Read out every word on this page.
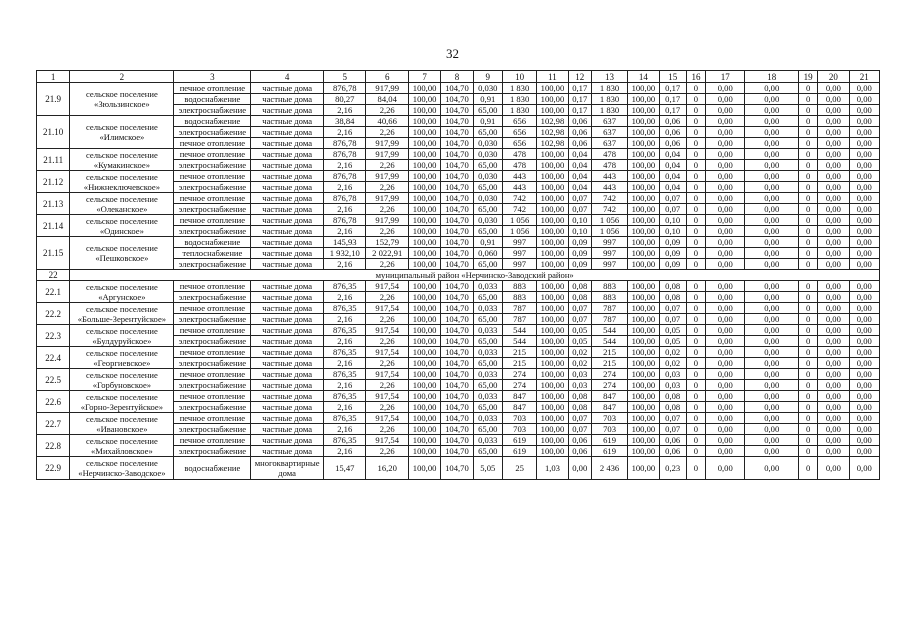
32
1	2	3	4	5	6	7	8	9	10	11	12	13	14	15	16	17	18	19	20	21
21.9	сельское поселение «Зюльзинское»	печное отопление	частные дома	876,78	917,99	100,00	104,70	0,030	1 830	100,00	0,17	1 830	100,00	0,17	0	0,00	0,00	0	0,00	0,00
		водоснабжение	частные дома	80,27	84,04	100,00	104,70	0,91	1 830	100,00	0,17	1 830	100,00	0,17	0	0,00	0,00	0	0,00	0,00
		электроснабжение	частные дома	2,16	2,26	100,00	104,70	65,00	1 830	100,00	0,17	1 830	100,00	0,17	0	0,00	0,00	0	0,00	0,00
21.10	сельское поселение «Илимское»	водоснабжение	частные дома	38,84	40,66	100,00	104,70	0,91	656	102,98	0,06	637	100,00	0,06	0	0,00	0,00	0	0,00	0,00
		электроснабжение	частные дома	2,16	2,26	100,00	104,70	65,00	656	102,98	0,06	637	100,00	0,06	0	0,00	0,00	0	0,00	0,00
		печное отопление	частные дома	876,78	917,99	100,00	104,70	0,030	656	102,98	0,06	637	100,00	0,06	0	0,00	0,00	0	0,00	0,00
21.11	сельское поселение «Кумакинское»	печное отопление	частные дома	876,78	917,99	100,00	104,70	0,030	478	100,00	0,04	478	100,00	0,04	0	0,00	0,00	0	0,00	0,00
		электроснабжение	частные дома	2,16	2,26	100,00	104,70	65,00	478	100,00	0,04	478	100,00	0,04	0	0,00	0,00	0	0,00	0,00
21.12	сельское поселение «Нижнеключевское»	печное отопление	частные дома	876,78	917,99	100,00	104,70	0,030	443	100,00	0,04	443	100,00	0,04	0	0,00	0,00	0	0,00	0,00
		электроснабжение	частные дома	2,16	2,26	100,00	104,70	65,00	443	100,00	0,04	443	100,00	0,04	0	0,00	0,00	0	0,00	0,00
21.13	сельское поселение «Олеканское»	печное отопление	частные дома	876,78	917,99	100,00	104,70	0,030	742	100,00	0,07	742	100,00	0,07	0	0,00	0,00	0	0,00	0,00
		электроснабжение	частные дома	2,16	2,26	100,00	104,70	65,00	742	100,00	0,07	742	100,00	0,07	0	0,00	0,00	0	0,00	0,00
21.14	сельское поселение «Одинское»	печное отопление	частные дома	876,78	917,99	100,00	104,70	0,030	1 056	100,00	0,10	1 056	100,00	0,10	0	0,00	0,00	0	0,00	0,00
		электроснабжение	частные дома	2,16	2,26	100,00	104,70	65,00	1 056	100,00	0,10	1 056	100,00	0,10	0	0,00	0,00	0	0,00	0,00
21.15	сельское поселение «Пешковское»	водоснабжение	частные дома	145,93	152,79	100,00	104,70	0,91	997	100,00	0,09	997	100,00	0,09	0	0,00	0,00	0	0,00	0,00
		теплоснабжение	частные дома	1 932,10	2 022,91	100,00	104,70	0,060	997	100,00	0,09	997	100,00	0,09	0	0,00	0,00	0	0,00	0,00
		электроснабжение	частные дома	2,16	2,26	100,00	104,70	65,00	997	100,00	0,09	997	100,00	0,09	0	0,00	0,00	0	0,00	0,00
22	муниципальный район «Нерчинско-Заводский район»																			
22.1	сельское поселение «Аргунское»	печное отопление	частные дома	876,35	917,54	100,00	104,70	0,033	883	100,00	0,08	883	100,00	0,08	0	0,00	0,00	0	0,00	0,00
		электроснабжение	частные дома	2,16	2,26	100,00	104,70	65,00	883	100,00	0,08	883	100,00	0,08	0	0,00	0,00	0	0,00	0,00
22.2	сельское поселение «Больше-Зерентуйское»	печное отопление	частные дома	876,35	917,54	100,00	104,70	0,033	787	100,00	0,07	787	100,00	0,07	0	0,00	0,00	0	0,00	0,00
		электроснабжение	частные дома	2,16	2,26	100,00	104,70	65,00	787	100,00	0,07	787	100,00	0,07	0	0,00	0,00	0	0,00	0,00
22.3	сельское поселение «Булдуруйское»	печное отопление	частные дома	876,35	917,54	100,00	104,70	0,033	544	100,00	0,05	544	100,00	0,05	0	0,00	0,00	0	0,00	0,00
		электроснабжение	частные дома	2,16	2,26	100,00	104,70	65,00	544	100,00	0,05	544	100,00	0,05	0	0,00	0,00	0	0,00	0,00
22.4	сельское поселение «Георгиевское»	печное отопление	частные дома	876,35	917,54	100,00	104,70	0,033	215	100,00	0,02	215	100,00	0,02	0	0,00	0,00	0	0,00	0,00
		электроснабжение	частные дома	2,16	2,26	100,00	104,70	65,00	215	100,00	0,02	215	100,00	0,02	0	0,00	0,00	0	0,00	0,00
22.5	сельское поселение «Горбуновское»	печное отопление	частные дома	876,35	917,54	100,00	104,70	0,033	274	100,00	0,03	274	100,00	0,03	0	0,00	0,00	0	0,00	0,00
		электроснабжение	частные дома	2,16	2,26	100,00	104,70	65,00	274	100,00	0,03	274	100,00	0,03	0	0,00	0,00	0	0,00	0,00
22.6	сельское поселение «Горно-Зерентуйское»	печное отопление	частные дома	876,35	917,54	100,00	104,70	0,033	847	100,00	0,08	847	100,00	0,08	0	0,00	0,00	0	0,00	0,00
		электроснабжение	частные дома	2,16	2,26	100,00	104,70	65,00	847	100,00	0,08	847	100,00	0,08	0	0,00	0,00	0	0,00	0,00
22.7	сельское поселение «Ивановское»	печное отопление	частные дома	876,35	917,54	100,00	104,70	0,033	703	100,00	0,07	703	100,00	0,07	0	0,00	0,00	0	0,00	0,00
		электроснабжение	частные дома	2,16	2,26	100,00	104,70	65,00	703	100,00	0,07	703	100,00	0,07	0	0,00	0,00	0	0,00	0,00
22.8	сельское поселение «Михайловское»	печное отопление	частные дома	876,35	917,54	100,00	104,70	0,033	619	100,00	0,06	619	100,00	0,06	0	0,00	0,00	0	0,00	0,00
		электроснабжение	частные дома	2,16	2,26	100,00	104,70	65,00	619	100,00	0,06	619	100,00	0,06	0	0,00	0,00	0	0,00	0,00
22.9	сельское поселение «Нерчинско-Заводское»	водоснабжение	многоквартирные дома	15,47	16,20	100,00	104,70	5,05	25	1,03	0,00	2 436	100,00	0,23	0	0,00	0,00	0	0,00	0,00
